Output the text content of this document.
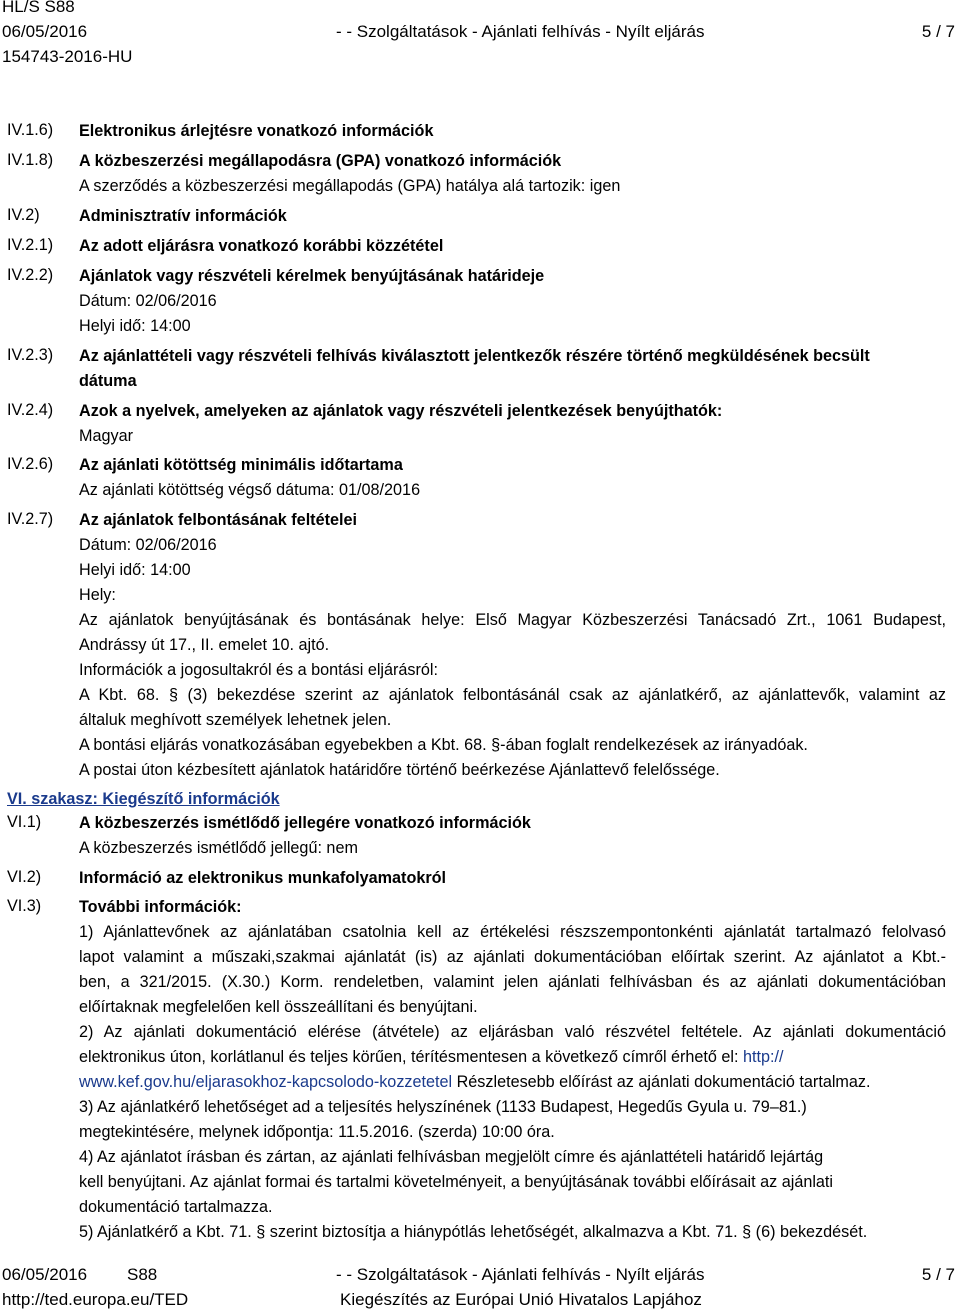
HL/S S88
06/05/2016
154743-2016-HU
- - Szolgáltatások - Ajánlati felhívás - Nyílt eljárás	5 / 7
IV.1.6)
IV.1.8)
IV.2)
IV.2.1)
IV.2.2)
IV.2.3)
IV.2.4)
IV.2.6)
IV.2.7)
VI.1)
VI.2)
VI.3)
Elektronikus árlejtésre vonatkozó információk
A közbeszerzési megállapodásra (GPA) vonatkozó információk
A szerződés a közbeszerzési megállapodás (GPA) hatálya alá tartozik: igen
Adminisztratív információk
Az adott eljárásra vonatkozó korábbi közzététel
Ajánlatok vagy részvételi kérelmek benyújtásának határideje
Dátum: 02/06/2016
Helyi idő: 14:00
Az ajánlattételi vagy részvételi felhívás kiválasztott jelentkezők részére történő megküldésének becsült
dátuma
Azok a nyelvek, amelyeken az ajánlatok vagy részvételi jelentkezések benyújthatók:
Magyar
Az ajánlati kötöttség minimális időtartama
Az ajánlati kötöttség végső dátuma: 01/08/2016
Az ajánlatok felbontásának feltételei
Dátum: 02/06/2016
Helyi idő: 14:00
Hely:
Az ajánlatok benyújtásának és bontásának helye: Első Magyar Közbeszerzési Tanácsadó Zrt., 1061 Budapest,
Andrássy út 17., II. emelet 10. ajtó.
Információk a jogosultakról és a bontási eljárásról:
A Kbt. 68. § (3) bekezdése szerint az ajánlatok felbontásánál csak az ajánlatkérő, az ajánlattevők, valamint az
általuk meghívott személyek lehetnek jelen.
A bontási eljárás vonatkozásában egyebekben a Kbt. 68. §-ában foglalt rendelkezések az irányadóak.
A postai úton kézbesített ajánlatok határidőre történő beérkezése Ajánlattevő felelőssége.
VI. szakasz: Kiegészítő információk
A közbeszerzés ismétlődő jellegére vonatkozó információk
A közbeszerzés ismétlődő jellegű: nem
Információ az elektronikus munkafolyamatokról
További információk:
1) Ajánlattevőnek az ajánlatában csatolnia kell az értékelési részszempontonkénti ajánlatát tartalmazó felolvasó
lapot valamint a műszaki,szakmai ajánlatát (is) az ajánlati dokumentációban előírtak szerint. Az ajánlatot a Kbt.-
ben, a 321/2015. (X.30.) Korm. rendeletben, valamint jelen ajánlati felhívásban és az ajánlati dokumentációban
előírtaknak megfelelően kell összeállítani és benyújtani.
2) Az ajánlati dokumentáció elérése (átvétele) az eljárásban való részvétel feltétele. Az ajánlati dokumentáció
elektronikus úton, korlátlanul és teljes körűen, térítésmentesen a következő címről érhető el: http://
www.kef.gov.hu/eljarasokhoz-kapcsolodo-kozzetetel Részletesebb előírást az ajánlati dokumentáció tartalmaz.
3) Az ajánlatkérő lehetőséget ad a teljesítés helyszínének (1133 Budapest, Hegedűs Gyula u. 79–81.)
megtekintésére, melynek időpontja: 11.5.2016. (szerda) 10:00 óra.
4) Az ajánlatot írásban és zártan, az ajánlati felhívásban megjelölt címre és ajánlattételi határidő lejártág
kell benyújtani. Az ajánlat formai és tartalmi követelményeit, a benyújtásának további előírásait az ajánlati
dokumentáció tartalmazza.
5) Ajánlatkérő a Kbt. 71. § szerint biztosítja a hiánypótlás lehetőségét, alkalmazva a Kbt. 71. § (6) bekezdését.
06/05/2016 S88
http://ted.europa.eu/TED
- - Szolgáltatások - Ajánlati felhívás - Nyílt eljárás
Kiegészítés az Európai Unió Hivatalos Lapjához
5 / 7
